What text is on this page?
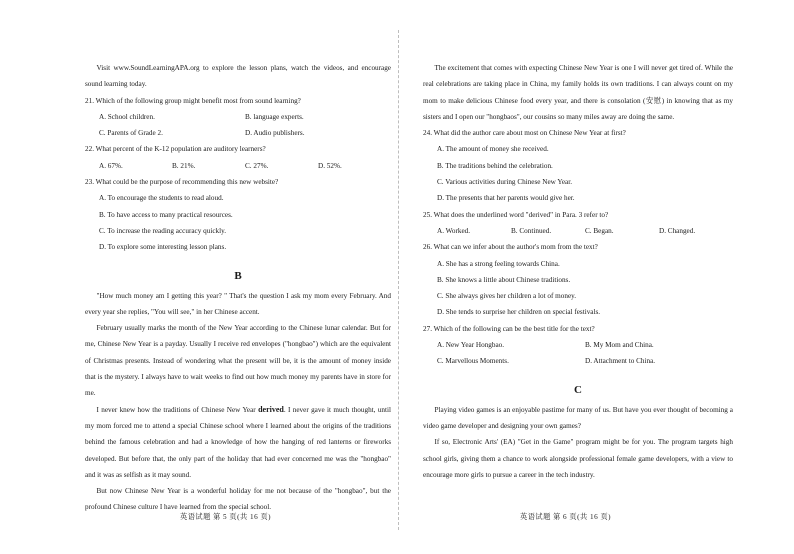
Visit www.SoundLearningAPA.org to explore the lesson plans, watch the videos, and encourage sound learning today.

21. Which of the following group might benefit most from sound learning?

A. School children.	B. language experts.
C. Parents of Grade 2.	D. Audio publishers.

22. What percent of the K-12 population are auditory learners?

A. 67%.	B. 21%.	C. 27%.	D. 52%.

23. What could be the purpose of recommending this new website?

A. To encourage the students to read aloud.

B. To have access to many practical resources.

C. To increase the reading accuracy quickly.

D. To explore some interesting lesson plans.

B

"How much money am I getting this year? " That's the question I ask my mom every February. And every year she replies, "You will see," in her Chinese accent.

February usually marks the month of the New Year according to the Chinese lunar calendar. But for me, Chinese New Year is a payday. Usually I receive red envelopes ("hongbao") which are the equivalent of Christmas presents. Instead of wondering what the present will be, it is the amount of money inside that is the mystery. I always have to wait weeks to find out how much money my parents have in store for me.

I never knew how the traditions of Chinese New Year derived. I never gave it much thought, until my mom forced me to attend a special Chinese school where I learned about the origins of the traditions behind the famous celebration and had a knowledge of how the hanging of red lanterns or fireworks developed. But before that, the only part of the holiday that had ever concerned me was the "hongbao" and it was as selfish as it may sound.

But now Chinese New Year is a wonderful holiday for me not because of the "hongbao", but the profound Chinese culture I have learned from the special school.

The excitement that comes with expecting Chinese New Year is one I will never get tired of. While the real celebrations are taking place in China, my family holds its own traditions. I can always count on my mom to make delicious Chinese food every year, and there is consolation (安慰) in knowing that as my sisters and I open our "hongbaos", our cousins so many miles away are doing the same.

24. What did the author care about most on Chinese New Year at first?

A. The amount of money she received.

B. The traditions behind the celebration.

C. Various activities during Chinese New Year.

D. The presents that her parents would give her.

25. What does the underlined word "derived" in Para. 3 refer to?

A. Worked.	B. Continued.	C. Began.	D. Changed.

26. What can we infer about the author's mom from the text?

A. She has a strong feeling towards China.

B. She knows a little about Chinese traditions.

C. She always gives her children a lot of money.

D. She tends to surprise her children on special festivals.

27. Which of the following can be the best title for the text?

A. New Year Hongbao.	B. My Mom and China.
C. Marvellous Moments.	D. Attachment to China.
C

Playing video games is an enjoyable pastime for many of us. But have you ever thought of becoming a video game developer and designing your own games?

If so, Electronic Arts' (EA) "Get in the Game" program might be for you. The program targets high school girls, giving them a chance to work alongside professional female game developers, with a view to encourage more girls to pursue a career in the tech industry.

英语试题 第 5 页(共 16 页)	英语试题 第 6 页(共 16 页)
